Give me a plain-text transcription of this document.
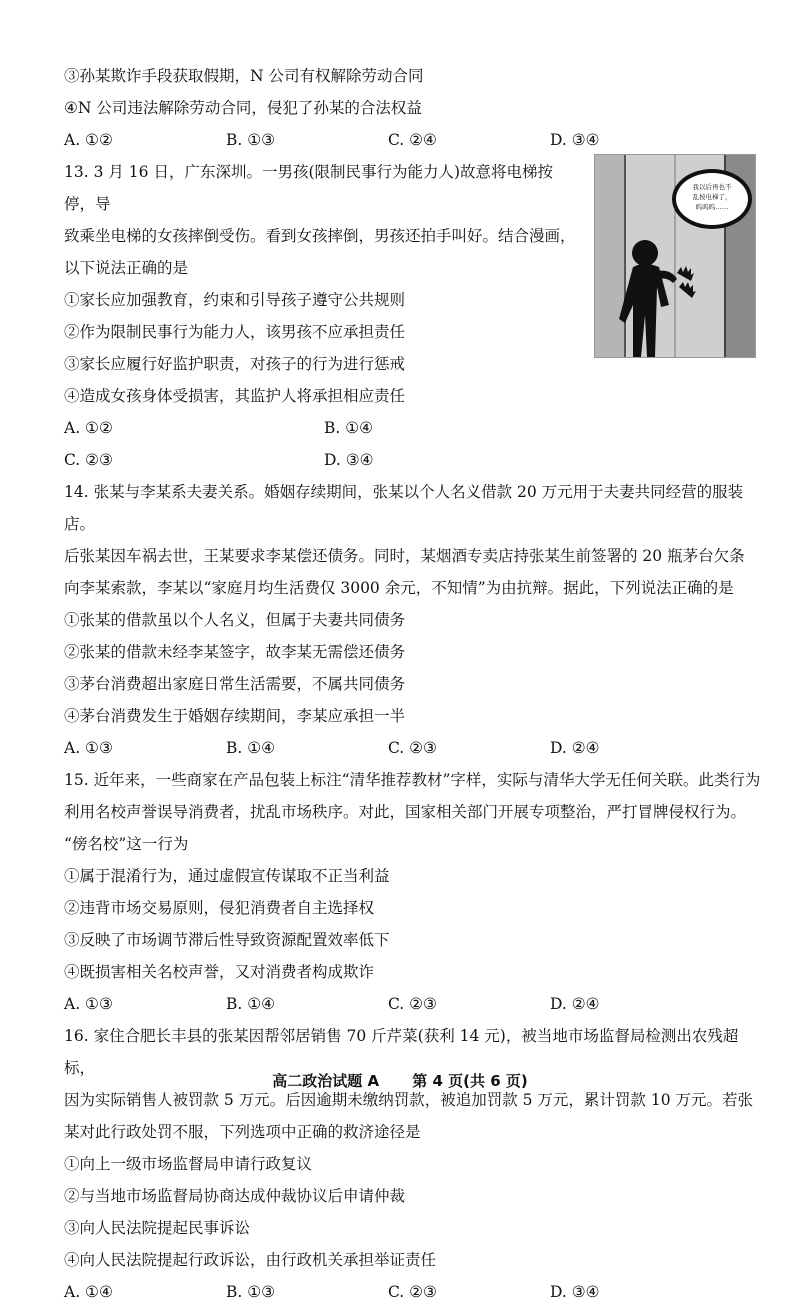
③孙某欺诈手段获取假期，N 公司有权解除劳动合同
④N 公司违法解除劳动合同，侵犯了孙某的合法权益
A. ①②	B. ①③	C. ②④	D. ③④
13. 3 月 16 日，广东深圳。一男孩(限制民事行为能力人)故意将电梯按停，导
致乘坐电梯的女孩摔倒受伤。看到女孩摔倒，男孩还拍手叫好。结合漫画，
以下说法正确的是
①家长应加强教育，约束和引导孩子遵守公共规则
②作为限制民事行为能力人，该男孩不应承担责任
③家长应履行好监护职责，对孩子的行为进行惩戒
④造成女孩身体受损害，其监护人将承担相应责任
A. ①②	B. ①④
C. ②③	D. ③④
14. 张某与李某系夫妻关系。婚姻存续期间，张某以个人名义借款 20 万元用于夫妻共同经营的服装店。
后张某因车祸去世，王某要求李某偿还债务。同时，某烟酒专卖店持张某生前签署的 20 瓶茅台欠条
向李某索款，李某以“家庭月均生活费仅 3000 余元，不知情”为由抗辩。据此，下列说法正确的是
①张某的借款虽以个人名义，但属于夫妻共同债务
②张某的借款未经李某签字，故李某无需偿还债务
③茅台消费超出家庭日常生活需要，不属共同债务
④茅台消费发生于婚姻存续期间，李某应承担一半
A. ①③	B. ①④	C. ②③	D. ②④
15. 近年来，一些商家在产品包装上标注“清华推荐教材”字样，实际与清华大学无任何关联。此类行为
利用名校声誉误导消费者，扰乱市场秩序。对此，国家相关部门开展专项整治，严打冒牌侵权行为。
“傍名校”这一行为
①属于混淆行为，通过虚假宣传谋取不正当利益
②违背市场交易原则，侵犯消费者自主选择权
③反映了市场调节滞后性导致资源配置效率低下
④既损害相关名校声誉，又对消费者构成欺诈
A. ①③	B. ①④	C. ②③	D. ②④
16. 家住合肥长丰县的张某因帮邻居销售 70 斤芹菜(获利 14 元)，被当地市场监督局检测出农残超标，
因为实际销售人被罚款 5 万元。后因逾期未缴纳罚款，被追加罚款 5 万元，累计罚款 10 万元。若张
某对此行政处罚不服，下列选项中正确的救济途径是
①向上一级市场监督局申请行政复议
②与当地市场监督局协商达成仲裁协议后申请仲裁
③向人民法院提起民事诉讼
④向人民法院提起行政诉讼，由行政机关承担举证责任
A. ①④	B. ①③	C. ②③	D. ③④
我以后再也不
乱按电梯了，
呜呜呜……
高二政治试题 A 第 4 页(共 6 页)
